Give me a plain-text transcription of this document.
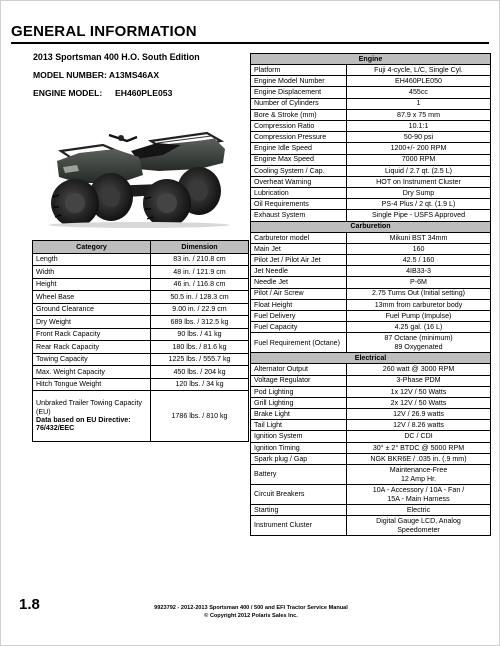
GENERAL INFORMATION
2013 Sportsman 400 H.O. South Edition
MODEL NUMBER: A13MS46AX
ENGINE MODEL: EH460PLE053
Category	Dimension
Length	83 in. / 210.8 cm
Width	48 in. / 121.9 cm
Height	46 in. / 116.8 cm
Wheel Base	50.5 in. / 128.3 cm
Ground Clearance	9.00 in. / 22.9 cm
Dry Weight	689 lbs. / 312.5 kg
Front Rack Capacity	90 lbs. / 41 kg
Rear Rack Capacity	180 lbs. / 81.6 kg
Towing Capacity	1225 lbs. / 555.7 kg
Max. Weight Capacity	450 lbs. / 204 kg
Hitch Tongue Weight	120 lbs. / 34 kg

Unbraked Trailer Towing Capacity (EU)
Data based on EU Directive: 76/432/EEC	1786 lbs. / 810 kg
Engine	
Platform	Fuji 4-cycle, L/C, Single Cyl.
Engine Model Number	EH460PLE050
Engine Displacement	455cc
Number of Cylinders	1
Bore & Stroke (mm)	87.9 x 75 mm
Compression Ratio	10.1:1
Compression Pressure	50-90 psi
Engine Idle Speed	1200+/- 200 RPM
Engine Max Speed	7000 RPM
Cooling System / Cap.	Liquid / 2.7 qt. (2.5 L)
Overheat Warning	HOT on Instrument Cluster
Lubrication	Dry Sump
Oil Requirements	PS-4 Plus / 2 qt. (1.9 L)
Exhaust System	Single Pipe - USFS Approved
Carburetion	
Carburetor model	Mikuni BST 34mm
Main Jet	160
Pilot Jet / Pilot Air Jet	42.5 / 160
Jet Needle	4IB33-3
Needle Jet	P-6M
Pilot / Air Screw	2.75 Turns Out (Initial setting)
Float Height	13mm from carburetor body
Fuel Delivery	Fuel Pump (Impulse)
Fuel Capacity	4.25 gal. (16 L)
Fuel Requirement (Octane)	87 Octane (minimum)
89 Oxygenated

Electrical	
Alternator Output	260 watt @ 3000 RPM
Voltage Regulator	3-Phase PDM
Pod Lighting	1x 12V / 50 Watts
Grill Lighting	2x 12V / 50 Watts
Brake Light	12V / 26.9 watts
Tail Light	12V / 8.26 watts
Ignition System	DC / CDI
Ignition Timing	30° ± 2° BTDC @ 5000 RPM
Spark plug / Gap	NGK BKR6E / .035 in. (.9 mm)
Battery	Maintenance-Free
12 Amp Hr.

Circuit Breakers	10A - Accessory / 10A - Fan /
15A - Main Harness

Starting	Electric
Instrument Cluster	Digital Gauge LCD, Analog
Speedometer
1.8	9923792 - 2012-2013 Sportsman 400 / 500 and EFI Tractor Service Manual
© Copyright 2012 Polaris Sales Inc.
